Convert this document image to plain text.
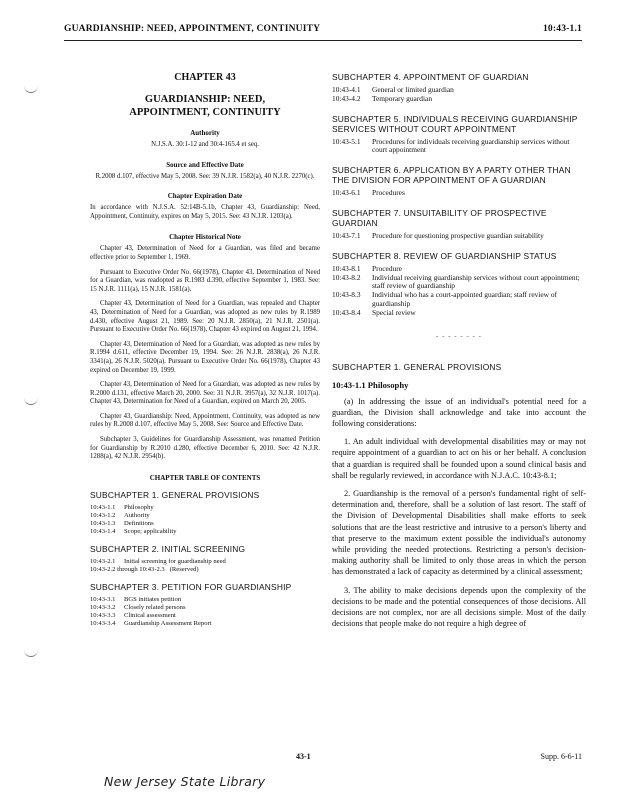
GUARDIANSHIP: NEED, APPOINTMENT, CONTINUITY	10:43-1.1
CHAPTER 43
GUARDIANSHIP: NEED, APPOINTMENT, CONTINUITY
Authority
N.J.S.A. 30:1-12 and 30:4-165.4 et seq.
Source and Effective Date
R.2008 d.107, effective May 5, 2008. See: 39 N.J.R. 1582(a), 40 N.J.R. 2270(c).
Chapter Expiration Date
In accordance with N.J.S.A. 52:14B-5.1b, Chapter 43, Guardianship: Need, Appointment, Continuity, expires on May 5, 2015. See: 43 N.J.R. 1203(a).
Chapter Historical Note
Chapter 43, Determination of Need for a Guardian, was filed and became effective prior to September 1, 1969.
Pursuant to Executive Order No. 66(1978), Chapter 43, Determination of Need for a Guardian, was readopted as R.1983 d.390, effective September 1, 1983. See: 15 N.J.R. 1111(a), 15 N.J.R. 1581(a).
Chapter 43, Determination of Need for a Guardian, was repealed and Chapter 43, Determination of Need for a Guardian, was adopted as new rules by R.1989 d.430, effective August 21, 1989. See: 20 N.J.R. 2850(a), 21 N.J.R. 2501(a). Pursuant to Executive Order No. 66(1978), Chapter 43 expired on August 21, 1994.
Chapter 43, Determination of Need for a Guardian, was adopted as new rules by R.1994 d.611, effective December 19, 1994. See: 26 N.J.R. 2838(a), 26 N.J.R. 3341(a), 26 N.J.R. 5020(a). Pursuant to Executive Order No. 66(1978), Chapter 43 expired on December 19, 1999.
Chapter 43, Determination of Need for a Guardian, was adopted as new rules by R.2000 d.131, effective March 20, 2000. See: 31 N.J.R. 3957(a), 32 N.J.R. 1017(a). Chapter 43, Determination for Need of a Guardian, expired on March 20, 2005.
Chapter 43, Guardianship: Need, Appointment, Continuity, was adopted as new rules by R.2008 d.107, effective May 5, 2008. See: Source and Effective Date.
Subchapter 3, Guidelines for Guardianship Assessment, was renamed Petition for Guardianship by R.2010 d.280, effective December 6, 2010. See: 42 N.J.R. 1288(a), 42 N.J.R. 2954(b).
CHAPTER TABLE OF CONTENTS
SUBCHAPTER 1. GENERAL PROVISIONS
10:43-1.1 Philosophy
10:43-1.2 Authority
10:43-1.3 Definitions
10:43-1.4 Scope; applicability
SUBCHAPTER 2. INITIAL SCREENING
10:43-2.1 Initial screening for guardianship need
10:43-2.2 through 10:43-2.3 (Reserved)
SUBCHAPTER 3. PETITION FOR GUARDIANSHIP
10:43-3.1 BGS initiates petition
10:43-3.2 Closely related persons
10:43-3.3 Clinical assessment
10:43-3.4 Guardianship Assessment Report
SUBCHAPTER 4. APPOINTMENT OF GUARDIAN
10:43-4.1 General or limited guardian
10:43-4.2 Temporary guardian
SUBCHAPTER 5. INDIVIDUALS RECEIVING GUARDIANSHIP SERVICES WITHOUT COURT APPOINTMENT
10:43-5.1 Procedures for individuals receiving guardianship services without court appointment
SUBCHAPTER 6. APPLICATION BY A PARTY OTHER THAN THE DIVISION FOR APPOINTMENT OF A GUARDIAN
10:43-6.1 Procedures
SUBCHAPTER 7. UNSUITABILITY OF PROSPECTIVE GUARDIAN
10:43-7.1 Procedure for questioning prospective guardian suitability
SUBCHAPTER 8. REVIEW OF GUARDIANSHIP STATUS
10:43-8.1 Procedure
10:43-8.2 Individual receiving guardianship services without court appointment; staff review of guardianship
10:43-8.3 Individual who has a court-appointed guardian; staff review of guardianship
10:43-8.4 Special review
- - - - - - - -
SUBCHAPTER 1. GENERAL PROVISIONS
10:43-1.1 Philosophy
(a) In addressing the issue of an individual's potential need for a guardian, the Division shall acknowledge and take into account the following considerations:
1. An adult individual with developmental disabilities may or may not require appointment of a guardian to act on his or her behalf. A conclusion that a guardian is required shall be founded upon a sound clinical basis and shall be regularly reviewed, in accordance with N.J.A.C. 10:43-8.1;
2. Guardianship is the removal of a person's fundamental right of self-determination and, therefore, shall be a solution of last resort. The staff of the Division of Developmental Disabilities shall make efforts to seek solutions that are the least restrictive and intrusive to a person's liberty and that preserve to the maximum extent possible the individual's autonomy while providing the needed protections. Restricting a person's decision-making authority shall be limited to only those areas in which the person has demonstrated a lack of capacity as determined by a clinical assessment;
3. The ability to make decisions depends upon the complexity of the decisions to be made and the potential consequences of those decisions. All decisions are not complex, nor are all decisions simple. Most of the daily decisions that people make do not require a high degree of
43-1	Supp. 6-6-11
New Jersey State Library
